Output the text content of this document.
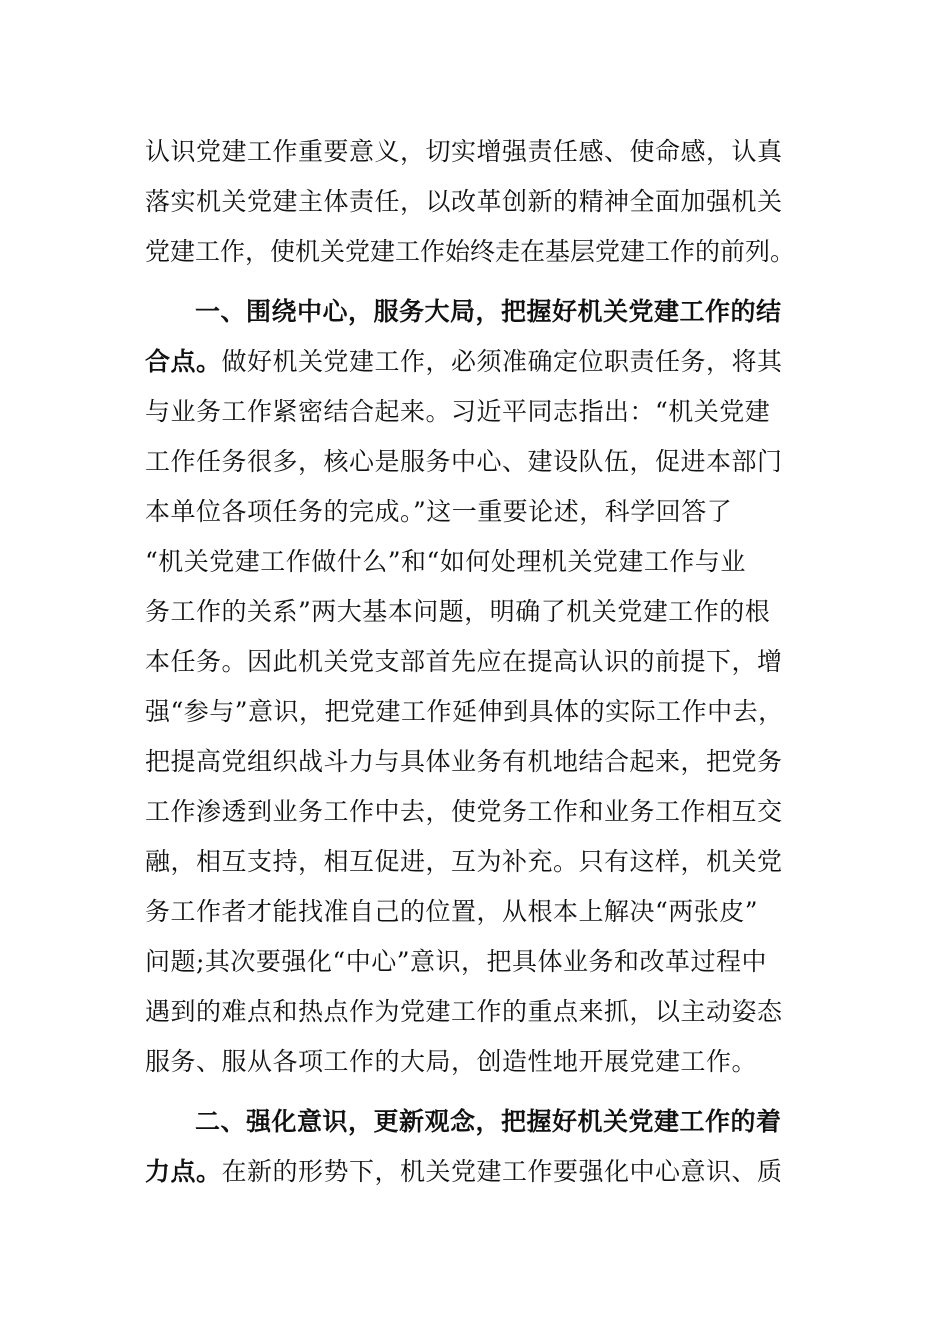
认识党建工作重要意义，切实增强责任感、使命感，认真
落实机关党建主体责任，以改革创新的精神全面加强机关
党建工作，使机关党建工作始终走在基层党建工作的前列。
一、围绕中心，服务大局，把握好机关党建工作的结
合点。做好机关党建工作，必须准确定位职责任务，将其
与业务工作紧密结合起来。习近平同志指出：“机关党建
工作任务很多，核心是服务中心、建设队伍，促进本部门
本单位各项任务的完成。”这一重要论述，科学回答了
“机关党建工作做什么”和“如何处理机关党建工作与业
务工作的关系”两大基本问题，明确了机关党建工作的根
本任务。因此机关党支部首先应在提高认识的前提下，增
强“参与”意识，把党建工作延伸到具体的实际工作中去，
把提高党组织战斗力与具体业务有机地结合起来，把党务
工作渗透到业务工作中去，使党务工作和业务工作相互交
融，相互支持，相互促进，互为补充。只有这样，机关党
务工作者才能找准自己的位置，从根本上解决“两张皮”
问题;其次要强化“中心”意识，把具体业务和改革过程中
遇到的难点和热点作为党建工作的重点来抓，以主动姿态
服务、服从各项工作的大局，创造性地开展党建工作。
二、强化意识，更新观念，把握好机关党建工作的着
力点。在新的形势下，机关党建工作要强化中心意识、质
